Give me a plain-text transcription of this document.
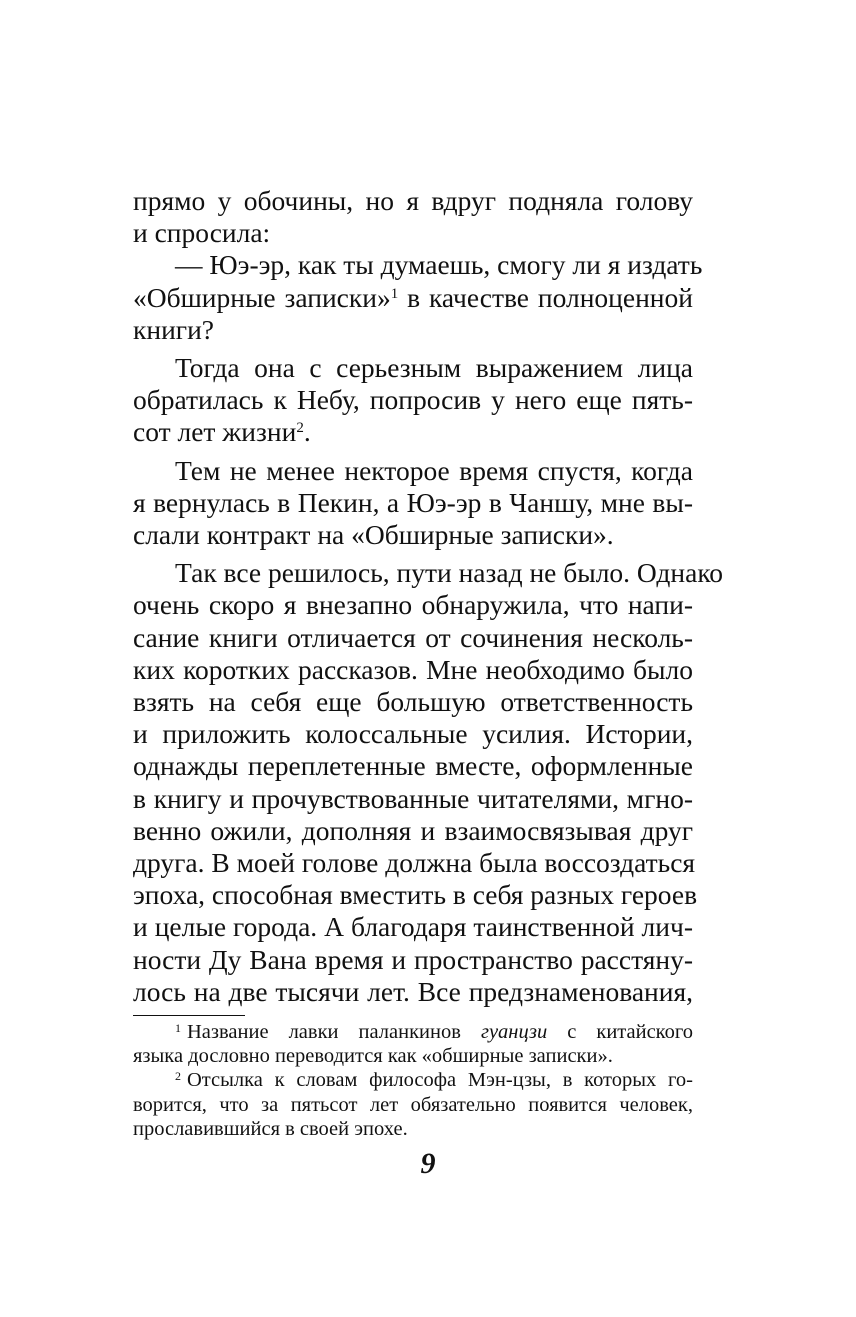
прямо у обочины, но я вдруг подняла голову
и спросила:
— Юэ-эр, как ты думаешь, смогу ли я издать
«Обширные записки»$^1$ в качестве полноценной
книги?
Тогда она с серьезным выражением лица
обратилась к Небу, попросив у него еще пять-
сот лет жизни$^2$.
Тем не менее некторое время спустя, когда
я вернулась в Пекин, а Юэ-эр в Чаншу, мне вы-
слали контракт на «Обширные записки».
Так все решилось, пути назад не было. Однако
очень скоро я внезапно обнаружила, что напи-
сание книги отличается от сочинения несколь-
ких коротких рассказов. Мне необходимо было
взять на себя еще большую ответственность
и приложить колоссальные усилия. Истории,
однажды переплетенные вместе, оформленные
в книгу и прочувствованные читателями, мгно-
венно ожили, дополняя и взаимосвязывая друг
друга. В моей голове должна была воссоздаться
эпоха, способная вместить в себя разных героев
и целые города. А благодаря таинственной лич-
ности Ду Вана время и пространство расстяну-
лось на две тысячи лет. Все предзнаменования,
$^1$ Название лавки паланкинов гуанцзи с китайского
языка дословно переводится как «обширные записки».
$^2$ Отсылка к словам философа Мэн-цзы, в которых го-
ворится, что за пятьсот лет обязательно появится человек,
прославившийся в своей эпохе.
9
